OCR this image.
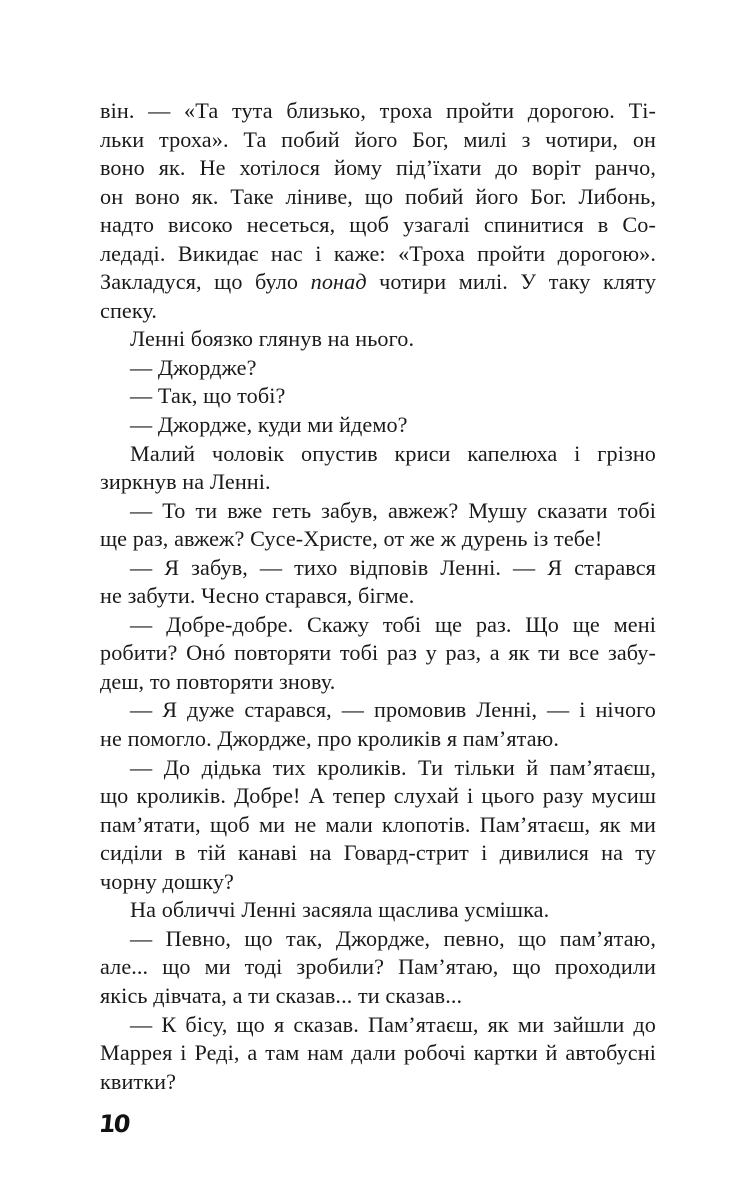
він. — «Та тута близько, троха пройти дорогою. Ті-
льки троха». Та побий його Бог, милі з чотири, он
воно як. Не хотілося йому під’їхати до воріт ранчо,
он воно як. Таке ліниве, що побий його Бог. Либонь,
надто високо несеться, щоб узагалі спинитися в Со-
ледаді. Викидає нас і каже: «Троха пройти дорогою».
Закладуся, що було понад чотири милі. У таку кляту
спеку.
Ленні боязко глянув на нього.
— Джордже?
— Так, що тобі?
— Джордже, куди ми йдемо?
Малий чоловік опустив криси капелюха і грізно
зиркнув на Ленні.
— То ти вже геть забув, авжеж? Мушу сказати тобі
ще раз, авжеж? Сусе-Христе, от же ж дурень із тебе!
— Я забув, — тихо відповів Ленні. — Я старався
не забути. Чесно старався, бігме.
— Добре-добре. Скажу тобі ще раз. Що ще мені
робити? Онó повторяти тобі раз у раз, а як ти все забу-
деш, то повторяти знову.
— Я дуже старався, — промовив Ленні, — і нічого
не помогло. Джордже, про кроликів я пам’ятаю.
— До дідька тих кроликів. Ти тільки й пам’ятаєш,
що кроликів. Добре! А тепер слухай і цього разу мусиш
пам’ятати, щоб ми не мали клопотів. Пам’ятаєш, як ми
сиділи в тій канаві на Говард-стрит і дивилися на ту
чорну дошку?
На обличчі Ленні засяяла щаслива усмішка.
— Певно, що так, Джордже, певно, що пам’ятаю,
але... що ми тоді зробили? Пам’ятаю, що проходили
якісь дівчата, а ти сказав... ти сказав...
— К бісу, що я сказав. Пам’ятаєш, як ми зайшли до
Маррея і Реді, а там нам дали робочі картки й автобусні
квитки?
10
